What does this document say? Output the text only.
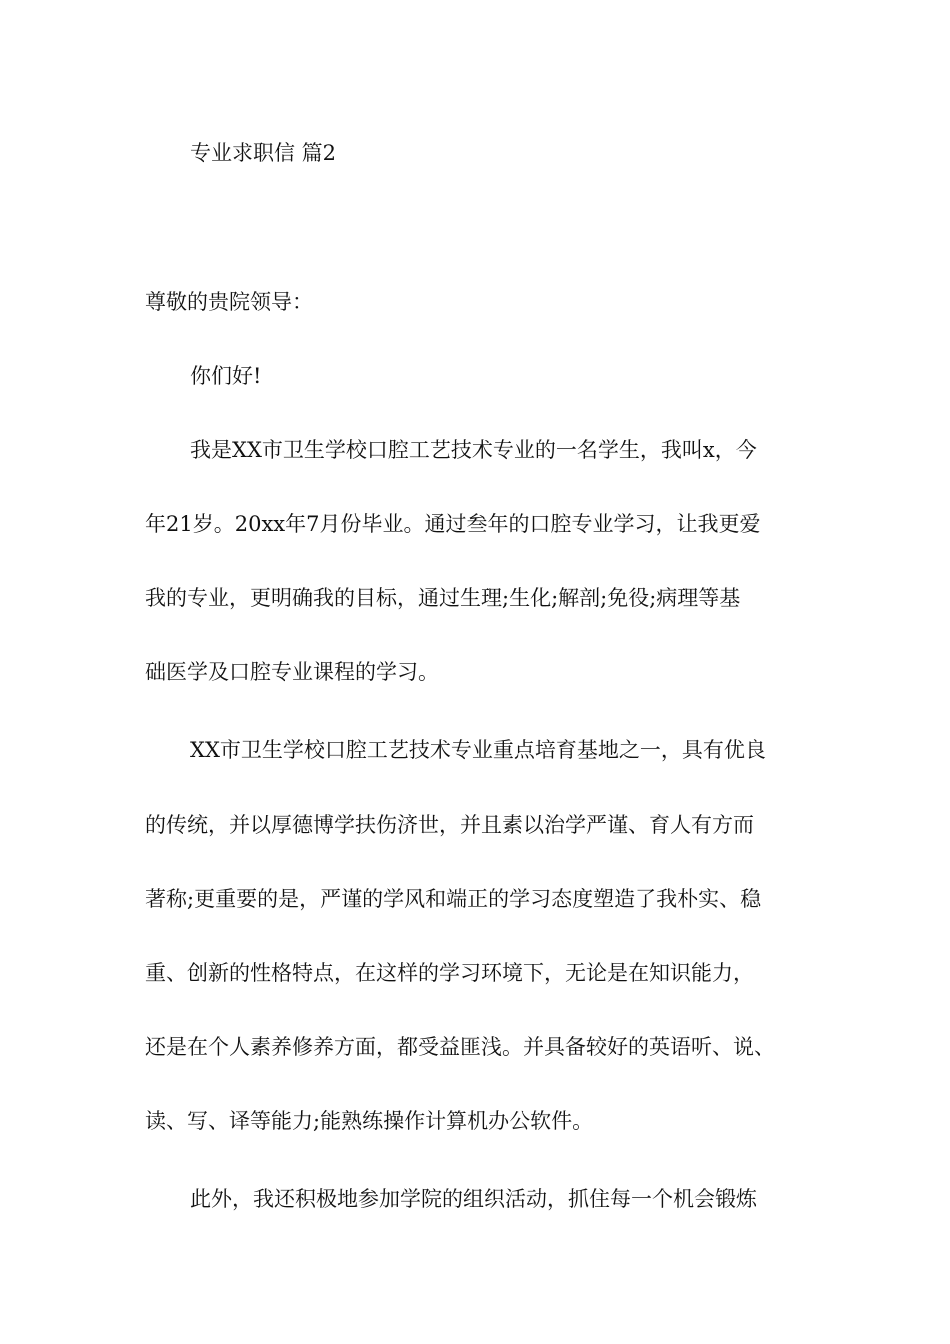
专业求职信 篇2
尊敬的贵院领导：
你们好!
我是XX市卫生学校口腔工艺技术专业的一名学生，我叫x，今
年21岁。20xx年7月份毕业。通过叁年的口腔专业学习，让我更爱
我的专业，更明确我的目标，通过生理;生化;解剖;免役;病理等基
础医学及口腔专业课程的学习。
XX市卫生学校口腔工艺技术专业重点培育基地之一，具有优良
的传统，并以厚德博学扶伤济世，并且素以治学严谨、育人有方而
著称;更重要的是，严谨的学风和端正的学习态度塑造了我朴实、稳
重、创新的性格特点，在这样的学习环境下，无论是在知识能力，
还是在个人素养修养方面，都受益匪浅。并具备较好的英语听、说、
读、写、译等能力;能熟练操作计算机办公软件。
此外，我还积极地参加学院的组织活动，抓住每一个机会锻炼
